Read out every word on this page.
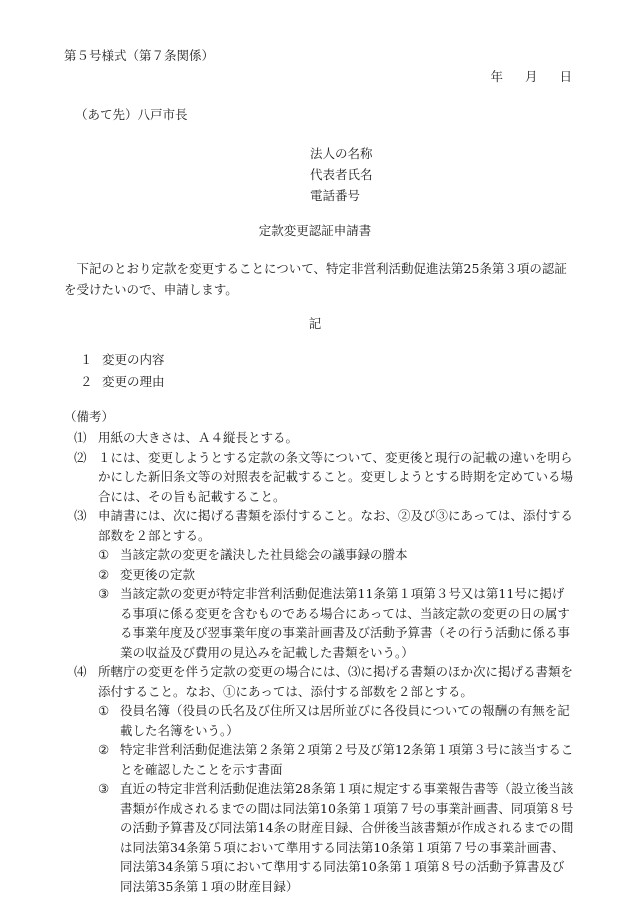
第５号様式（第７条関係）
年 月 日
（あて先）八戸市長
法人の名称
代表者氏名
電話番号
定款変更認証申請書
下記のとおり定款を変更することについて、特定非営利活動促進法第25条第３項の認証を受けたいので、申請します。
記
１ 変更の内容
２ 変更の理由
（備考）
⑴ 用紙の大きさは、Ａ４縦長とする。
⑵ １には、変更しようとする定款の条文等について、変更後と現行の記載の違いを明らかにした新旧条文等の対照表を記載すること。変更しようとする時期を定めている場合には、その旨も記載すること。
⑶ 申請書には、次に掲げる書類を添付すること。なお、②及び③にあっては、添付する部数を２部とする。
① 当該定款の変更を議決した社員総会の議事録の謄本
② 変更後の定款
③ 当該定款の変更が特定非営利活動促進法第11条第１項第３号又は第11号に掲げる事項に係る変更を含むものである場合にあっては、当該定款の変更の日の属する事業年度及び翌事業年度の事業計画書及び活動予算書（その行う活動に係る事業の収益及び費用の見込みを記載した書類をいう。）
⑷ 所轄庁の変更を伴う定款の変更の場合には、⑶に掲げる書類のほか次に掲げる書類を添付すること。なお、①にあっては、添付する部数を２部とする。
① 役員名簿（役員の氏名及び住所又は居所並びに各役員についての報酬の有無を記載した名簿をいう。）
② 特定非営利活動促進法第２条第２項第２号及び第12条第１項第３号に該当することを確認したことを示す書面
③ 直近の特定非営利活動促進法第28条第１項に規定する事業報告書等（設立後当該書類が作成されるまでの間は同法第10条第１項第７号の事業計画書、同項第８号の活動予算書及び同法第14条の財産目録、合併後当該書類が作成されるまでの間は同法第34条第５項において準用する同法第10条第１項第７号の事業計画書、同法第34条第５項において準用する同法第10条第１項第８号の活動予算書及び同法第35条第１項の財産目録）
